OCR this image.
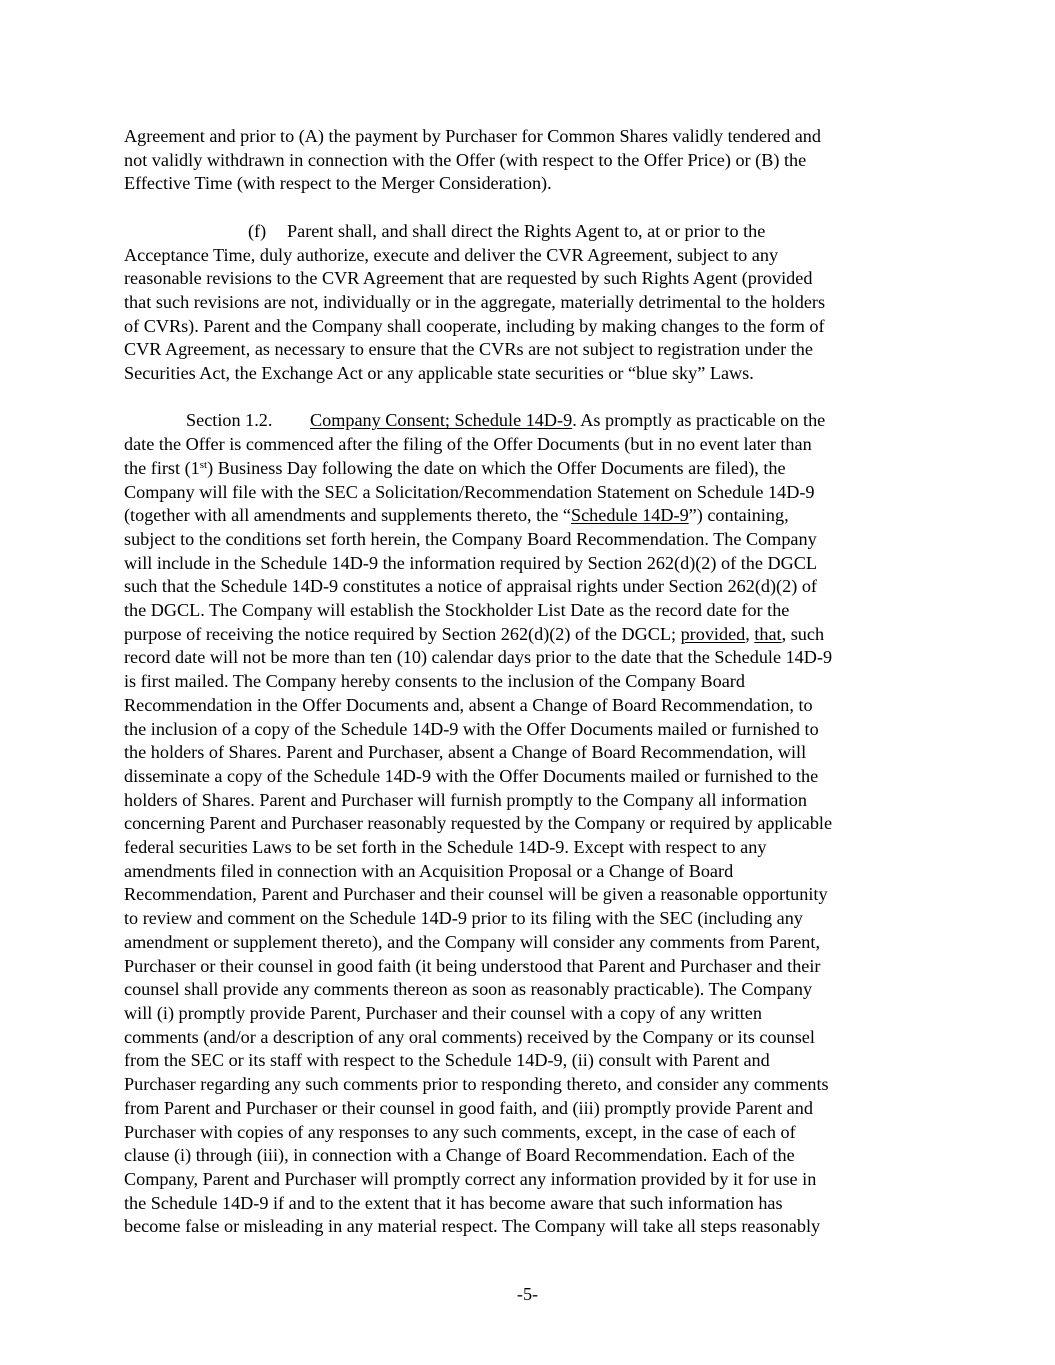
Agreement and prior to (A) the payment by Purchaser for Common Shares validly tendered and
not validly withdrawn in connection with the Offer (with respect to the Offer Price) or (B) the
Effective Time (with respect to the Merger Consideration).

(f) Parent shall, and shall direct the Rights Agent to, at or prior to the
Acceptance Time, duly authorize, execute and deliver the CVR Agreement, subject to any
reasonable revisions to the CVR Agreement that are requested by such Rights Agent (provided
that such revisions are not, individually or in the aggregate, materially detrimental to the holders
of CVRs). Parent and the Company shall cooperate, including by making changes to the form of
CVR Agreement, as necessary to ensure that the CVRs are not subject to registration under the
Securities Act, the Exchange Act or any applicable state securities or “blue sky” Laws.

Section 1.2. Company Consent; Schedule 14D-9. As promptly as practicable on the
date the Offer is commenced after the filing of the Offer Documents (but in no event later than
the first (1st) Business Day following the date on which the Offer Documents are filed), the
Company will file with the SEC a Solicitation/Recommendation Statement on Schedule 14D-9
(together with all amendments and supplements thereto, the “Schedule 14D-9”) containing,
subject to the conditions set forth herein, the Company Board Recommendation. The Company
will include in the Schedule 14D-9 the information required by Section 262(d)(2) of the DGCL
such that the Schedule 14D-9 constitutes a notice of appraisal rights under Section 262(d)(2) of
the DGCL. The Company will establish the Stockholder List Date as the record date for the
purpose of receiving the notice required by Section 262(d)(2) of the DGCL; provided, that, such
record date will not be more than ten (10) calendar days prior to the date that the Schedule 14D-9
is first mailed. The Company hereby consents to the inclusion of the Company Board
Recommendation in the Offer Documents and, absent a Change of Board Recommendation, to
the inclusion of a copy of the Schedule 14D-9 with the Offer Documents mailed or furnished to
the holders of Shares. Parent and Purchaser, absent a Change of Board Recommendation, will
disseminate a copy of the Schedule 14D-9 with the Offer Documents mailed or furnished to the
holders of Shares. Parent and Purchaser will furnish promptly to the Company all information
concerning Parent and Purchaser reasonably requested by the Company or required by applicable
federal securities Laws to be set forth in the Schedule 14D-9. Except with respect to any
amendments filed in connection with an Acquisition Proposal or a Change of Board
Recommendation, Parent and Purchaser and their counsel will be given a reasonable opportunity
to review and comment on the Schedule 14D-9 prior to its filing with the SEC (including any
amendment or supplement thereto), and the Company will consider any comments from Parent,
Purchaser or their counsel in good faith (it being understood that Parent and Purchaser and their
counsel shall provide any comments thereon as soon as reasonably practicable). The Company
will (i) promptly provide Parent, Purchaser and their counsel with a copy of any written
comments (and/or a description of any oral comments) received by the Company or its counsel
from the SEC or its staff with respect to the Schedule 14D-9, (ii) consult with Parent and
Purchaser regarding any such comments prior to responding thereto, and consider any comments
from Parent and Purchaser or their counsel in good faith, and (iii) promptly provide Parent and
Purchaser with copies of any responses to any such comments, except, in the case of each of
clause (i) through (iii), in connection with a Change of Board Recommendation. Each of the
Company, Parent and Purchaser will promptly correct any information provided by it for use in
the Schedule 14D-9 if and to the extent that it has become aware that such information has
become false or misleading in any material respect. The Company will take all steps reasonably

-5-
